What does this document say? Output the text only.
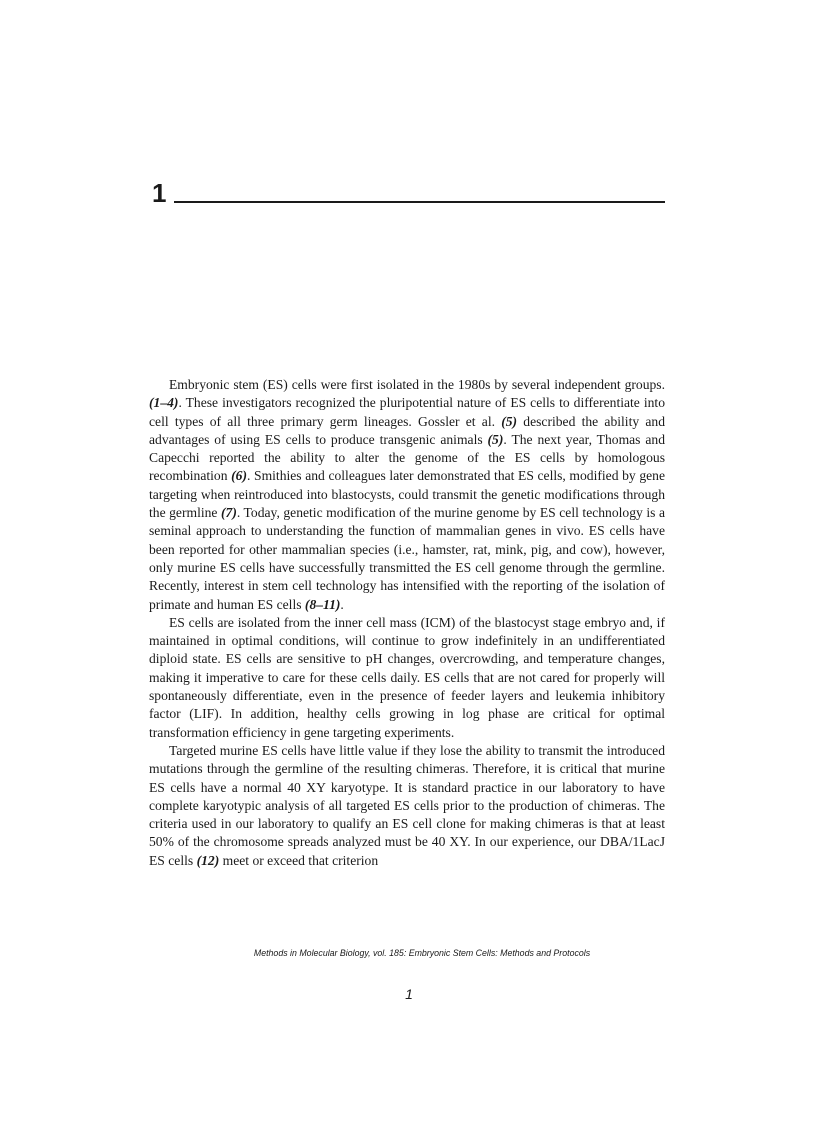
1

Embryonic stem (ES) cells were first isolated in the 1980s by several independent groups. (1–4). These investigators recognized the pluripotential nature of ES cells to differentiate into cell types of all three primary germ lineages. Gossler et al. (5) described the ability and advantages of using ES cells to produce transgenic animals (5). The next year, Thomas and Capecchi reported the ability to alter the genome of the ES cells by homologous recombination (6). Smithies and colleagues later demonstrated that ES cells, modified by gene targeting when reintroduced into blastocysts, could transmit the genetic modifications through the germline (7). Today, genetic modification of the murine genome by ES cell technology is a seminal approach to understanding the function of mammalian genes in vivo. ES cells have been reported for other mammalian species (i.e., hamster, rat, mink, pig, and cow), however, only murine ES cells have successfully transmitted the ES cell genome through the germline. Recently, interest in stem cell technology has intensified with the reporting of the isolation of primate and human ES cells (8–11).

ES cells are isolated from the inner cell mass (ICM) of the blastocyst stage embryo and, if maintained in optimal conditions, will continue to grow indefinitely in an undifferentiated diploid state. ES cells are sensitive to pH changes, overcrowding, and temperature changes, making it imperative to care for these cells daily. ES cells that are not cared for properly will spontaneously differentiate, even in the presence of feeder layers and leukemia inhibitory factor (LIF). In addition, healthy cells growing in log phase are critical for optimal transformation efficiency in gene targeting experiments.

Targeted murine ES cells have little value if they lose the ability to transmit the introduced mutations through the germline of the resulting chimeras. Therefore, it is critical that murine ES cells have a normal 40 XY karyotype. It is standard practice in our laboratory to have complete karyotypic analysis of all targeted ES cells prior to the production of chimeras. The criteria used in our laboratory to qualify an ES cell clone for making chimeras is that at least 50% of the chromosome spreads analyzed must be 40 XY. In our experience, our DBA/1LacJ ES cells (12) meet or exceed that criterion

Methods in Molecular Biology, vol. 185: Embryonic Stem Cells: Methods and Protocols
1
